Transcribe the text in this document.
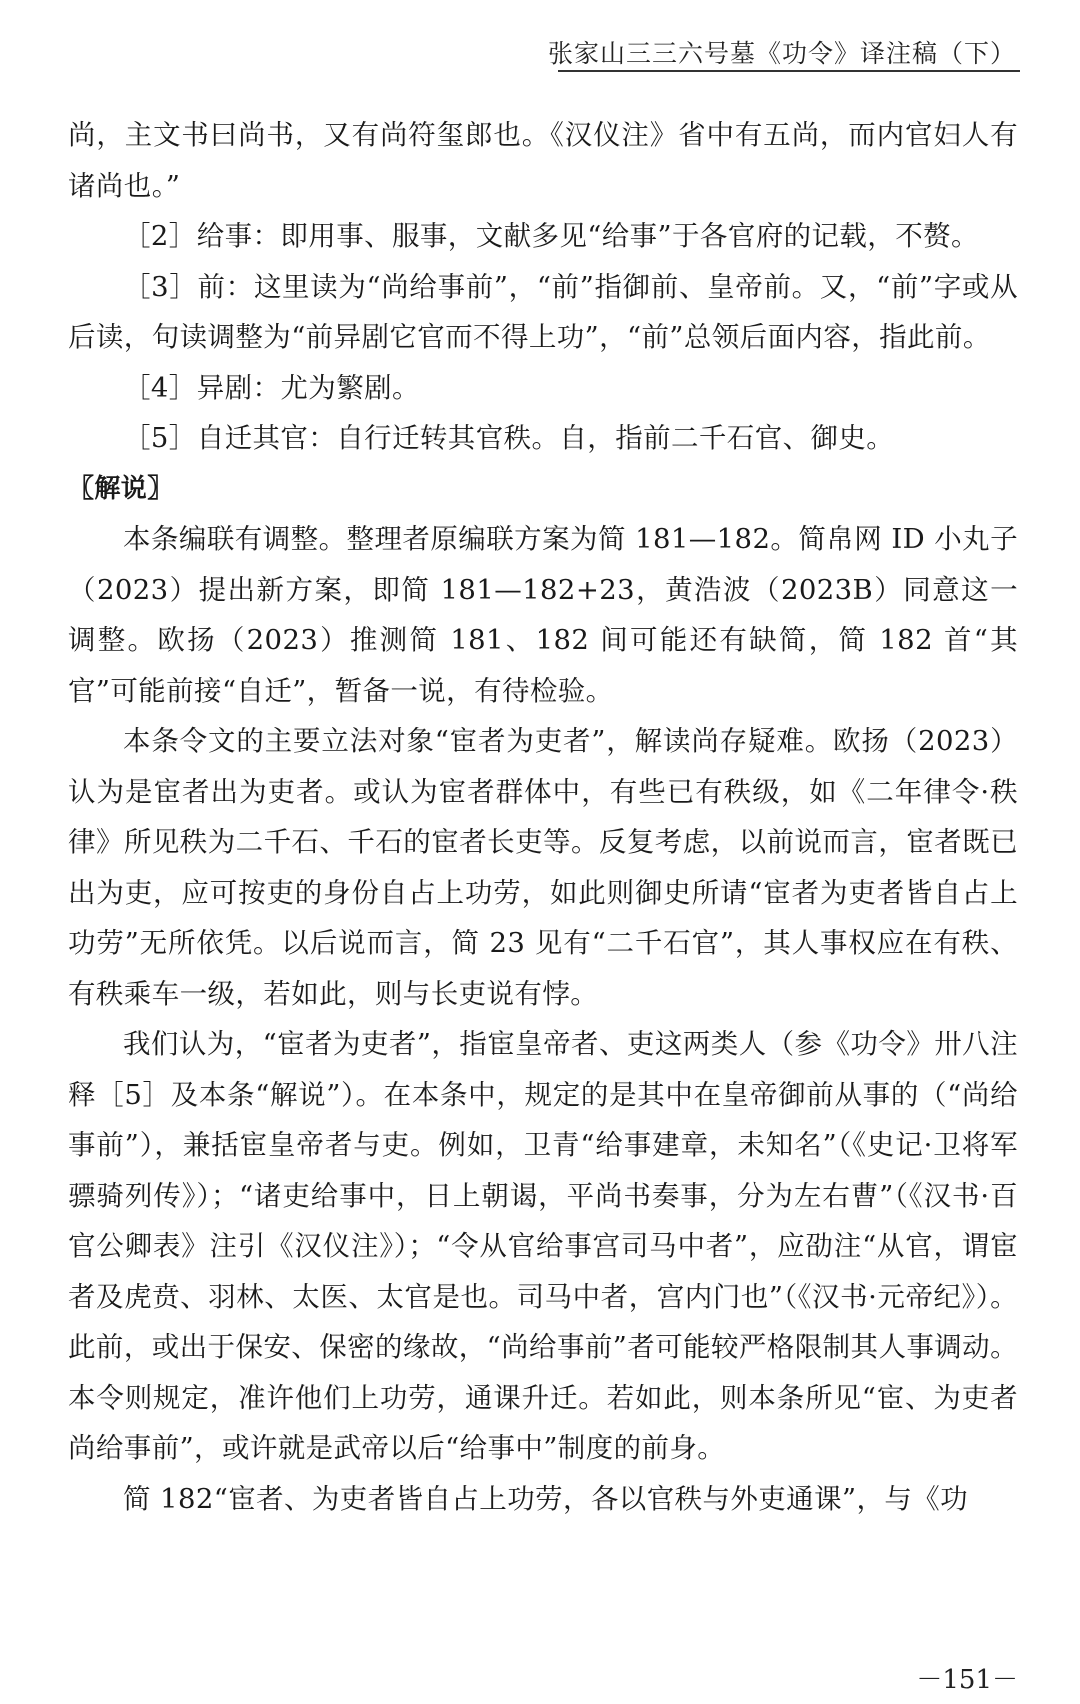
张家山三三六号墓《功令》译注稿（下）

尚，主文书曰尚书，又有尚符玺郎也。《汉仪注》省中有五尚，而内官妇人有诸尚也。”

［2］给事：即用事、服事，文献多见“给事”于各官府的记载，不赘。

［3］前：这里读为“尚给事前”，“前”指御前、皇帝前。又，“前”字或从后读，句读调整为“前异剧它官而不得上功”，“前”总领后面内容，指此前。

［4］异剧：尤为繁剧。

［5］自迁其官：自行迁转其官秩。自，指前二千石官、御史。

〖解说〗

本条编联有调整。整理者原编联方案为简 181—182。简帛网 ID 小丸子（2023）提出新方案，即简 181—182+23，黄浩波（2023B）同意这一调整。欧扬（2023）推测简 181、182 间可能还有缺简，简 182 首“其官”可能前接“自迁”，暂备一说，有待检验。

本条令文的主要立法对象“宦者为吏者”，解读尚存疑难。欧扬（2023）认为是宦者出为吏者。或认为宦者群体中，有些已有秩级，如《二年律令·秩律》所见秩为二千石、千石的宦者长吏等。反复考虑，以前说而言，宦者既已出为吏，应可按吏的身份自占上功劳，如此则御史所请“宦者为吏者皆自占上功劳”无所依凭。以后说而言，简 23 见有“二千石官”，其人事权应在有秩、有秩乘车一级，若如此，则与长吏说有悖。

我们认为，“宦者为吏者”，指宦皇帝者、吏这两类人（参《功令》卅八注释［5］及本条“解说”）。在本条中，规定的是其中在皇帝御前从事的（“尚给事前”），兼括宦皇帝者与吏。例如，卫青“给事建章，未知名”（《史记·卫将军骠骑列传》）；“诸吏给事中，日上朝谒，平尚书奏事，分为左右曹”（《汉书·百官公卿表》注引《汉仪注》）；“令从官给事宫司马中者”，应劭注“从官，谓宦者及虎贲、羽林、太医、太官是也。司马中者，宫内门也”（《汉书·元帝纪》）。此前，或出于保安、保密的缘故，“尚给事前”者可能较严格限制其人事调动。本令则规定，准许他们上功劳，通课升迁。若如此，则本条所见“宦、为吏者尚给事前”，或许就是武帝以后“给事中”制度的前身。

简 182“宦者、为吏者皆自占上功劳，各以官秩与外吏通课”，与《功

－151－
